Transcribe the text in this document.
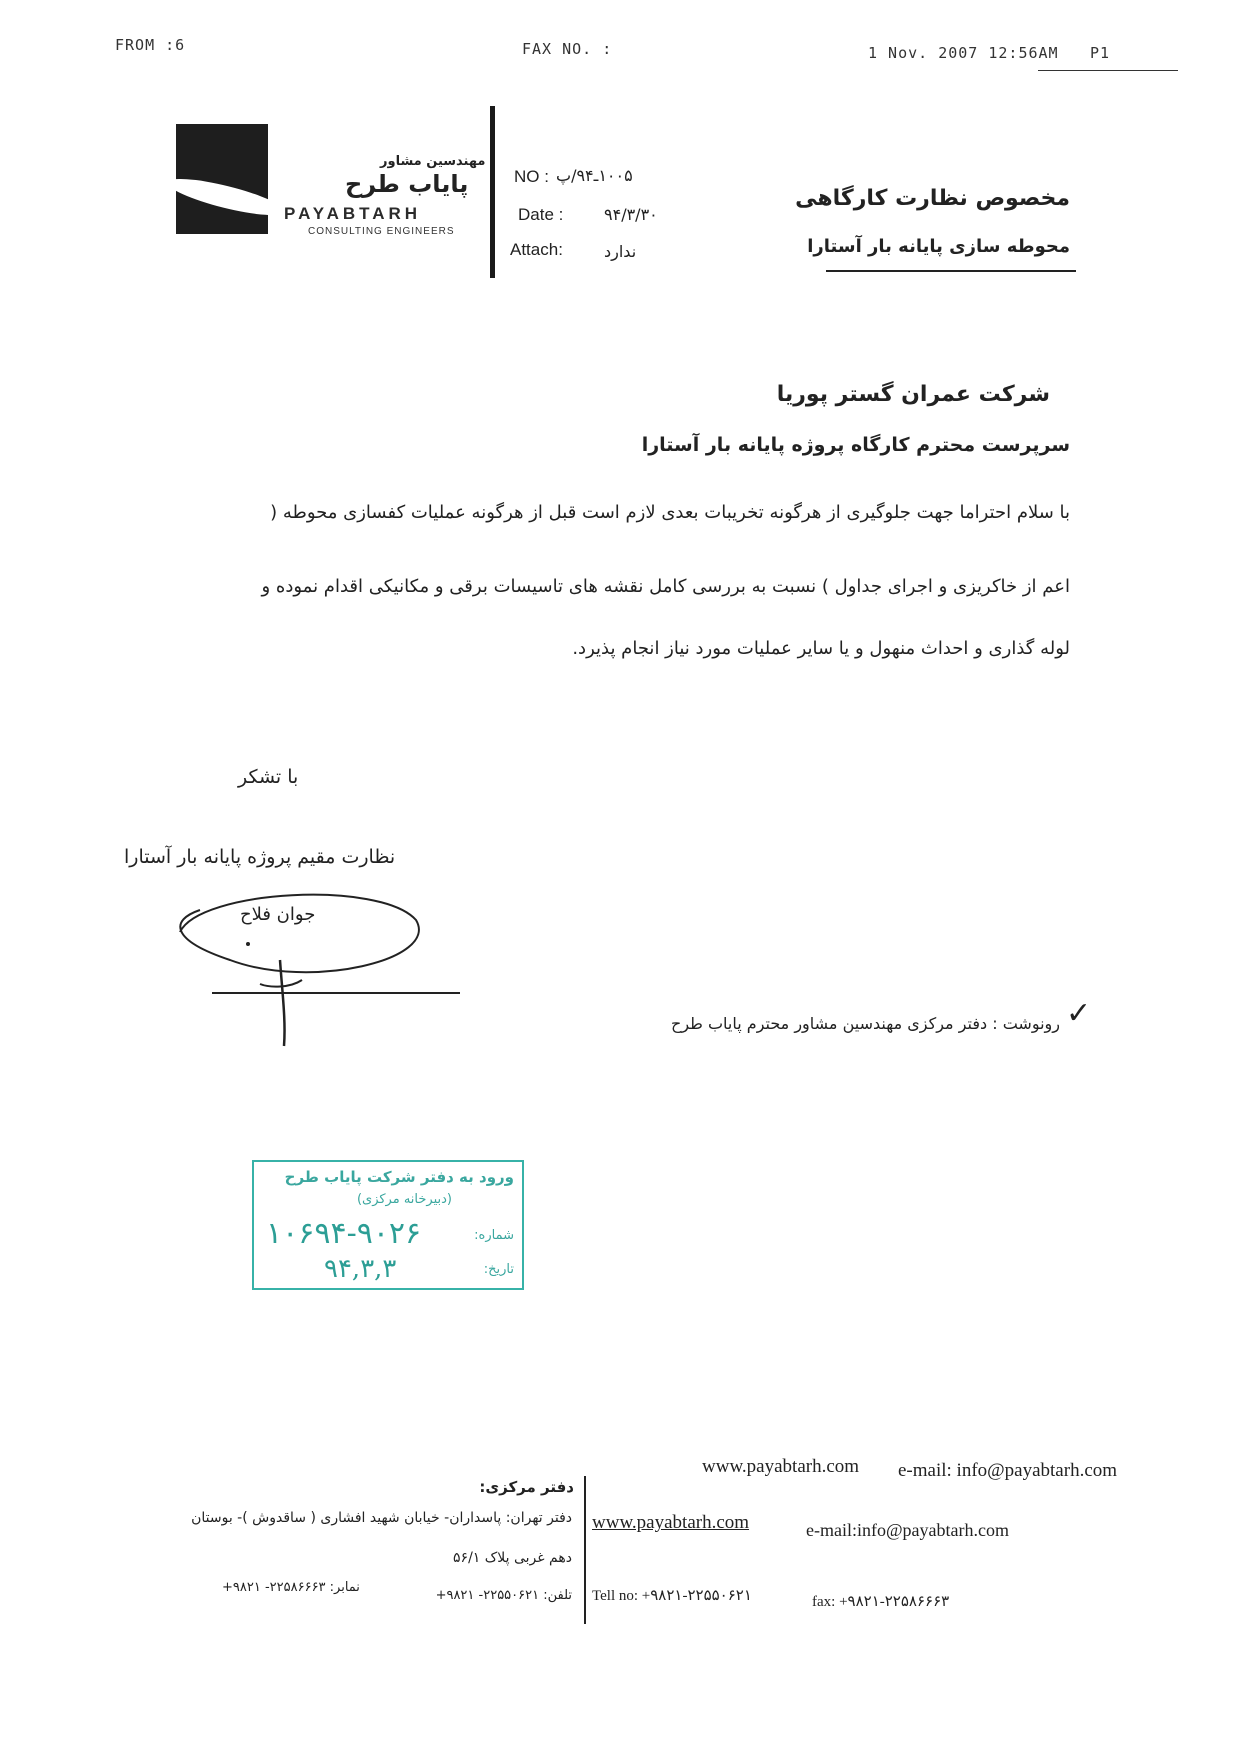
FROM :6	FAX NO. :	1 Nov. 2007 12:56AM P1
مهندسین مشاور
پایاب طرح
PAYABTARH
CONSULTING ENGINEERS
NO : ۱۰۰۵ـ۹۴/پ
Date :	۹۴/۳/۳۰
Attach:	ندارد
مخصوص نظارت کارگاهی
محوطه سازی پایانه بار آستارا
شرکت عمران گستر پوریا
سرپرست محترم کارگاه پروژه پایانه بار آستارا
با سلام احتراما جهت جلوگیری از هرگونه تخریبات بعدی لازم است قبل از هرگونه عملیات کفسازی محوطه (
اعم از خاکریزی و اجرای جداول ) نسبت به بررسی کامل نقشه های تاسیسات برقی و مکانیکی اقدام نموده و
لوله گذاری و احداث منهول و یا سایر عملیات مورد نیاز انجام پذیرد.
با تشکر
نظارت مقیم پروژه پایانه بار آستارا
جوان فلاح
✓
رونوشت : دفتر مرکزی مهندسین مشاور محترم پایاب طرح
ورود به دفتر شرکت پایاب طرح
(دبیرخانه مرکزی)
شماره:
۱۰۶۹۴-۹۰۲۶
تاریخ:
۹۴,۳,۳
www.payabtarh.com e-mail: info@payabtarh.com
دفتر مرکزی:
دفتر تهران: پاسداران- خیابان شهید افشاری ( ساقدوش )- بوستان
دهم غربی پلاک ۵۶/۱
www.payabtarh.com	e-mail:info@payabtarh.com
تلفن: ۲۲۵۵۰۶۲۱- ۹۸۲۱+
نمابر: ۲۲۵۸۶۶۶۳- ۹۸۲۱+
Tell no: +۹۸۲۱-۲۲۵۵۰۶۲۱	fax: +۹۸۲۱-۲۲۵۸۶۶۶۳
